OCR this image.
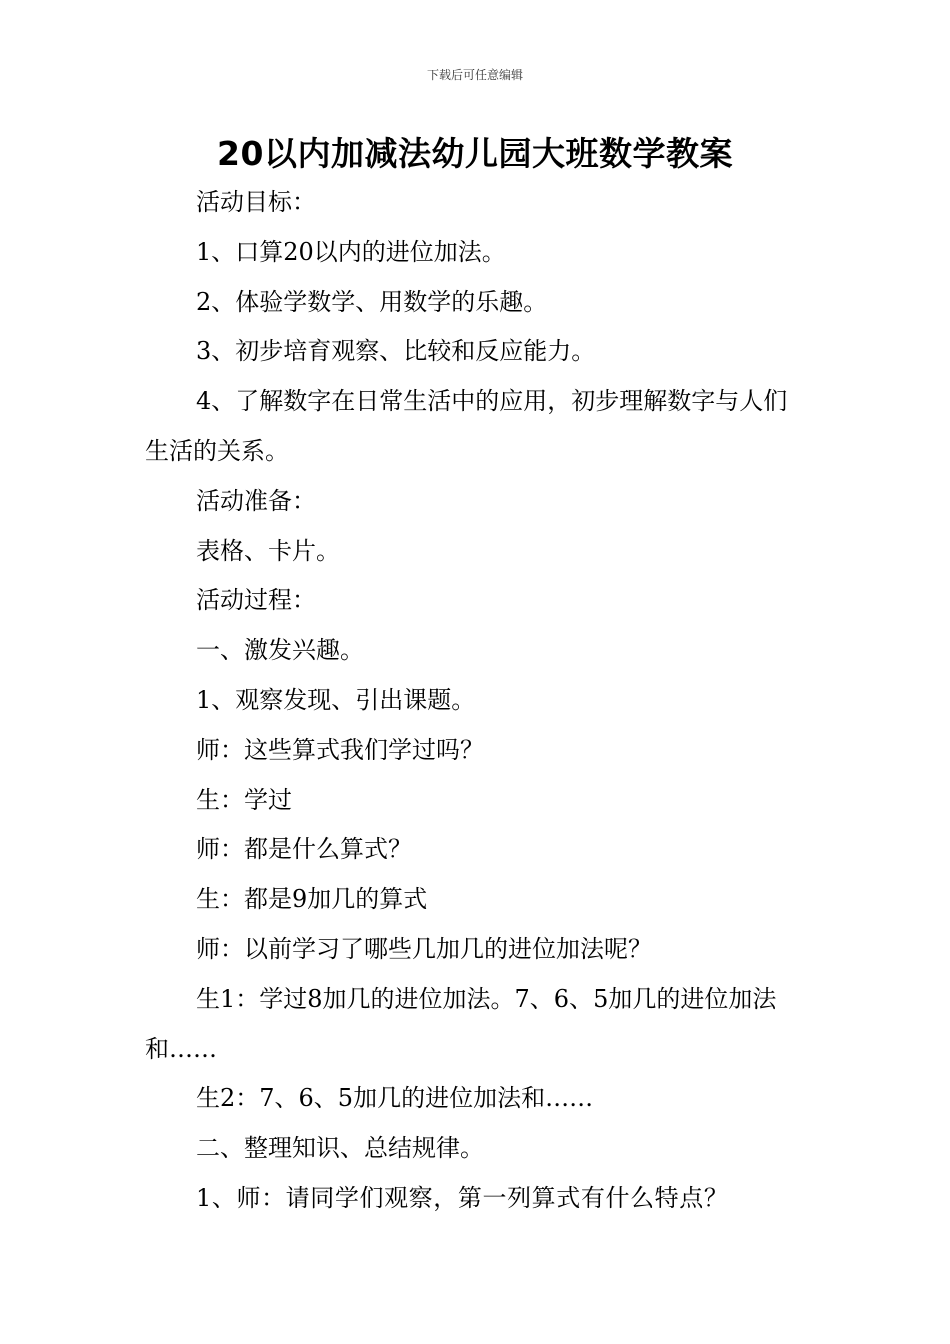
下载后可任意编辑
20以内加减法幼儿园大班数学教案

活动目标：

1、口算20以内的进位加法。

2、体验学数学、用数学的乐趣。

3、初步培育观察、比较和反应能力。

4、了解数字在日常生活中的应用，初步理解数字与人们生活的关系。

活动准备：

表格、卡片。

活动过程：

一、激发兴趣。

1、观察发现、引出课题。

师：这些算式我们学过吗？

生：学过

师：都是什么算式？

生：都是9加几的算式

师：以前学习了哪些几加几的进位加法呢？

生1：学过8加几的进位加法。7、6、5加几的进位加法和……

生2：7、6、5加几的进位加法和……

二、整理知识、总结规律。

1、师：请同学们观察，第一列算式有什么特点？
